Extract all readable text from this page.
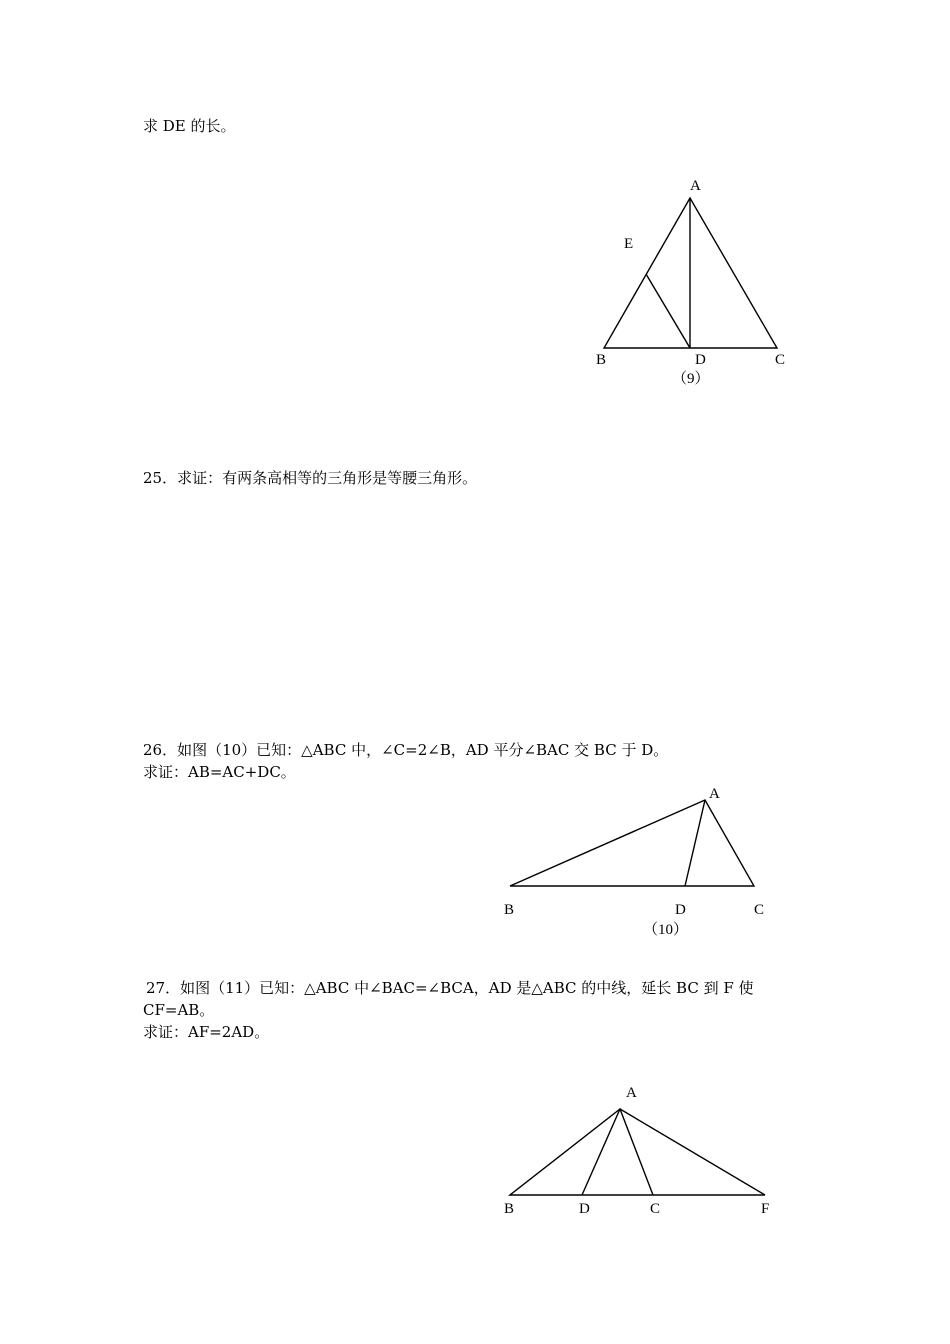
求 DE 的长。
25．求证：有两条高相等的三角形是等腰三角形。
26．如图（10）已知：△ABC 中，∠C=2∠B，AD 平分∠BAC 交 BC 于 D。
求证：AB=AC+DC。
27．如图（11）已知：△ABC 中∠BAC=∠BCA，AD 是△ABC 的中线，延长 BC 到 F 使
CF=AB。
求证：AF=2AD。
A
E
B	D	C
（9）
A
B	D	C
（10）
A
B	D	C	F
